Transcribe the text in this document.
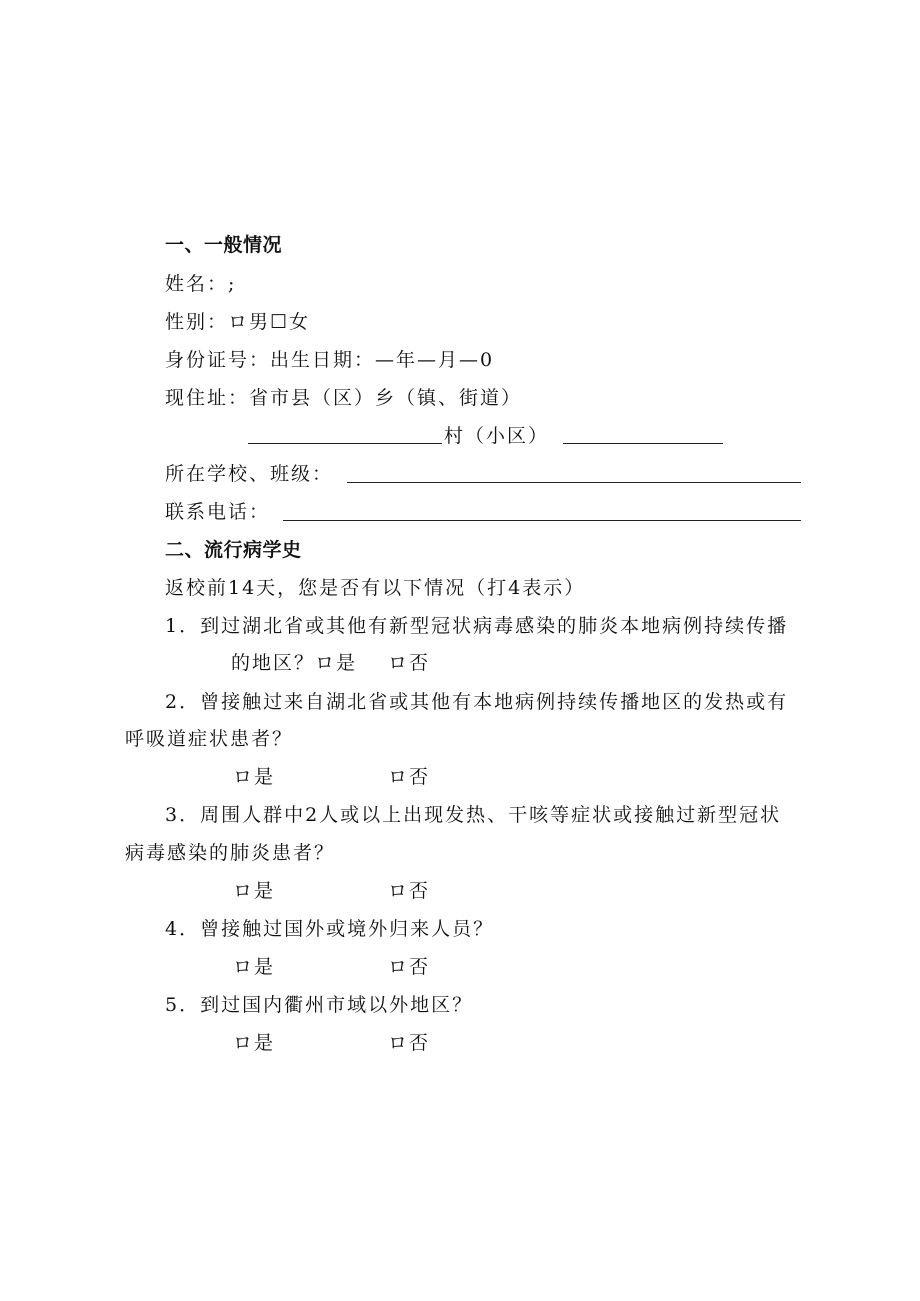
一、一般情况
姓名：;
性别：ロ男☐女
身份证号：出生日期：—年—月—0
现住址：省市县（区）乡（镇、街道）
村（小区）
所在学校、班级：
联系电话：
二、流行病学史
返校前14天，您是否有以下情况（打4表示）
1．到过湖北省或其他有新型冠状病毒感染的肺炎本地病例持续传播
的地区？ロ是 ロ否
2．曾接触过来自湖北省或其他有本地病例持续传播地区的发热或有
呼吸道症状患者？
ロ是	ロ否
3．周围人群中2人或以上出现发热、干咳等症状或接触过新型冠状
病毒感染的肺炎患者？
ロ是	ロ否
4．曾接触过国外或境外归来人员？
ロ是	ロ否
5．到过国内衢州市域以外地区？
ロ是	ロ否
